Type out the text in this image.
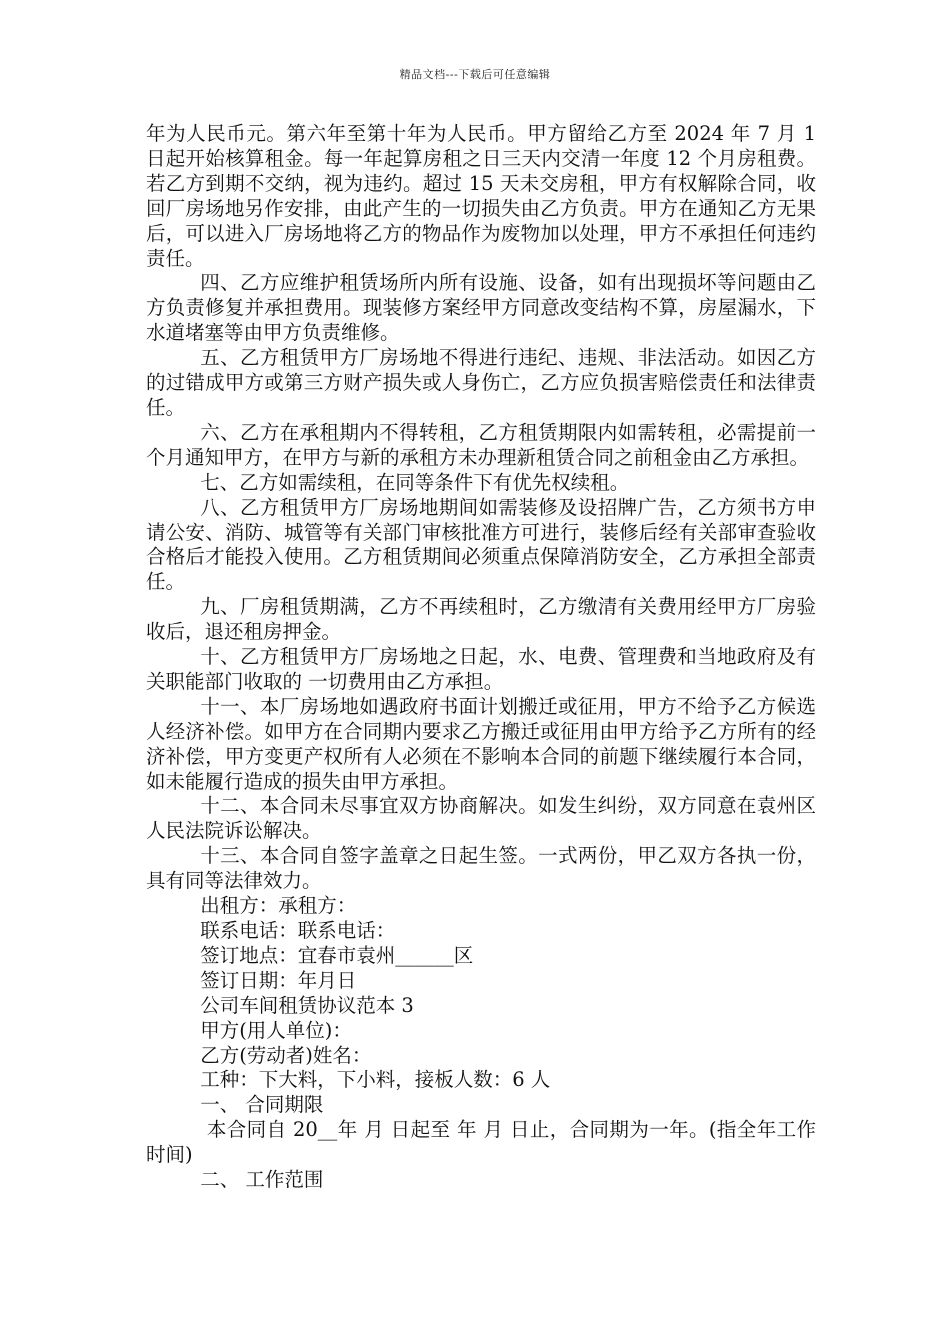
精品文档---下载后可任意编辑

年为人民币元。第六年至第十年为人民币。甲方留给乙方至 2024 年 7 月 1 日起开始核算租金。每一年起算房租之日三天内交清一年度 12 个月房租费。若乙方到期不交纳，视为违约。超过 15 天未交房租，甲方有权解除合同，收回厂房场地另作安排，由此产生的一切损失由乙方负责。甲方在通知乙方无果后，可以进入厂房场地将乙方的物品作为废物加以处理，甲方不承担任何违约责任。

四、乙方应维护租赁场所内所有设施、设备，如有出现损坏等问题由乙方负责修复并承担费用。现装修方案经甲方同意改变结构不算，房屋漏水，下水道堵塞等由甲方负责维修。

五、乙方租赁甲方厂房场地不得进行违纪、违规、非法活动。如因乙方的过错成甲方或第三方财产损失或人身伤亡，乙方应负损害赔偿责任和法律责任。

六、乙方在承租期内不得转租，乙方租赁期限内如需转租，必需提前一个月通知甲方，在甲方与新的承租方未办理新租赁合同之前租金由乙方承担。

七、乙方如需续租，在同等条件下有优先权续租。

八、乙方租赁甲方厂房场地期间如需装修及设招牌广告，乙方须书方申请公安、消防、城管等有关部门审核批准方可进行，装修后经有关部审查验收合格后才能投入使用。乙方租赁期间必须重点保障消防安全，乙方承担全部责任。

九、厂房租赁期满，乙方不再续租时，乙方缴清有关费用经甲方厂房验收后，退还租房押金。

十、乙方租赁甲方厂房场地之日起，水、电费、管理费和当地政府及有关职能部门收取的 一切费用由乙方承担。

十一、本厂房场地如遇政府书面计划搬迁或征用，甲方不给予乙方候选人经济补偿。如甲方在合同期内要求乙方搬迁或征用由甲方给予乙方所有的经济补偿，甲方变更产权所有人必须在不影响本合同的前题下继续履行本合同，如未能履行造成的损失由甲方承担。

十二、本合同未尽事宜双方协商解决。如发生纠纷，双方同意在袁州区人民法院诉讼解决。

十三、本合同自签字盖章之日起生签。一式两份，甲乙双方各执一份，具有同等法律效力。

出租方：承租方：

联系电话：联系电话：

签订地点：宜春市袁州______区

签订日期：年月日

公司车间租赁协议范本 3

甲方(用人单位)：

乙方(劳动者)姓名：

工种：下大料，下小料，接板人数：6 人

一、 合同期限

本合同自 20__年 月 日起至 年 月 日止，合同期为一年。(指全年工作时间)

二、 工作范围
